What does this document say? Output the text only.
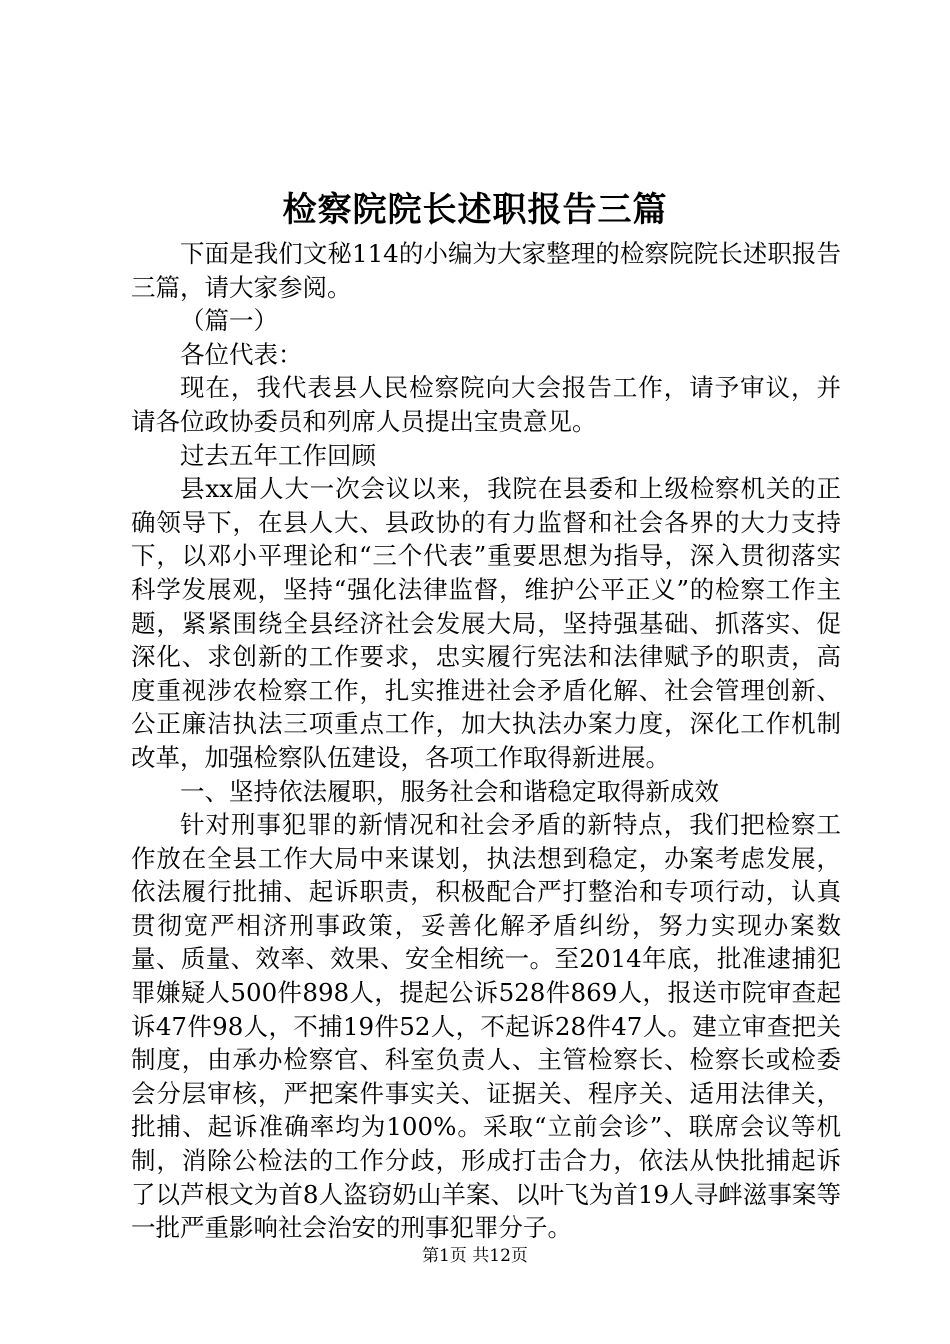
检察院院长述职报告三篇

下面是我们文秘114的小编为大家整理的检察院院长述职报告三篇，请大家参阅。

（篇一）

各位代表：

现在，我代表县人民检察院向大会报告工作，请予审议，并请各位政协委员和列席人员提出宝贵意见。

过去五年工作回顾

县xx届人大一次会议以来，我院在县委和上级检察机关的正确领导下，在县人大、县政协的有力监督和社会各界的大力支持下，以邓小平理论和“三个代表”重要思想为指导，深入贯彻落实科学发展观，坚持“强化法律监督，维护公平正义”的检察工作主题，紧紧围绕全县经济社会发展大局，坚持强基础、抓落实、促深化、求创新的工作要求，忠实履行宪法和法律赋予的职责，高度重视涉农检察工作，扎实推进社会矛盾化解、社会管理创新、公正廉洁执法三项重点工作，加大执法办案力度，深化工作机制改革，加强检察队伍建设，各项工作取得新进展。

一、坚持依法履职，服务社会和谐稳定取得新成效

针对刑事犯罪的新情况和社会矛盾的新特点，我们把检察工作放在全县工作大局中来谋划，执法想到稳定，办案考虑发展，依法履行批捕、起诉职责，积极配合严打整治和专项行动，认真贯彻宽严相济刑事政策，妥善化解矛盾纠纷，努力实现办案数量、质量、效率、效果、安全相统一。至2014年底，批准逮捕犯罪嫌疑人500件898人，提起公诉528件869人，报送市院审查起诉47件98人，不捕19件52人，不起诉28件47人。建立审查把关制度，由承办检察官、科室负责人、主管检察长、检察长或检委会分层审核，严把案件事实关、证据关、程序关、适用法律关，批捕、起诉准确率均为100%。采取“立前会诊”、联席会议等机制，消除公检法的工作分歧，形成打击合力，依法从快批捕起诉了以芦根文为首8人盗窃奶山羊案、以叶飞为首19人寻衅滋事案等一批严重影响社会治安的刑事犯罪分子。

第1页 共12页
